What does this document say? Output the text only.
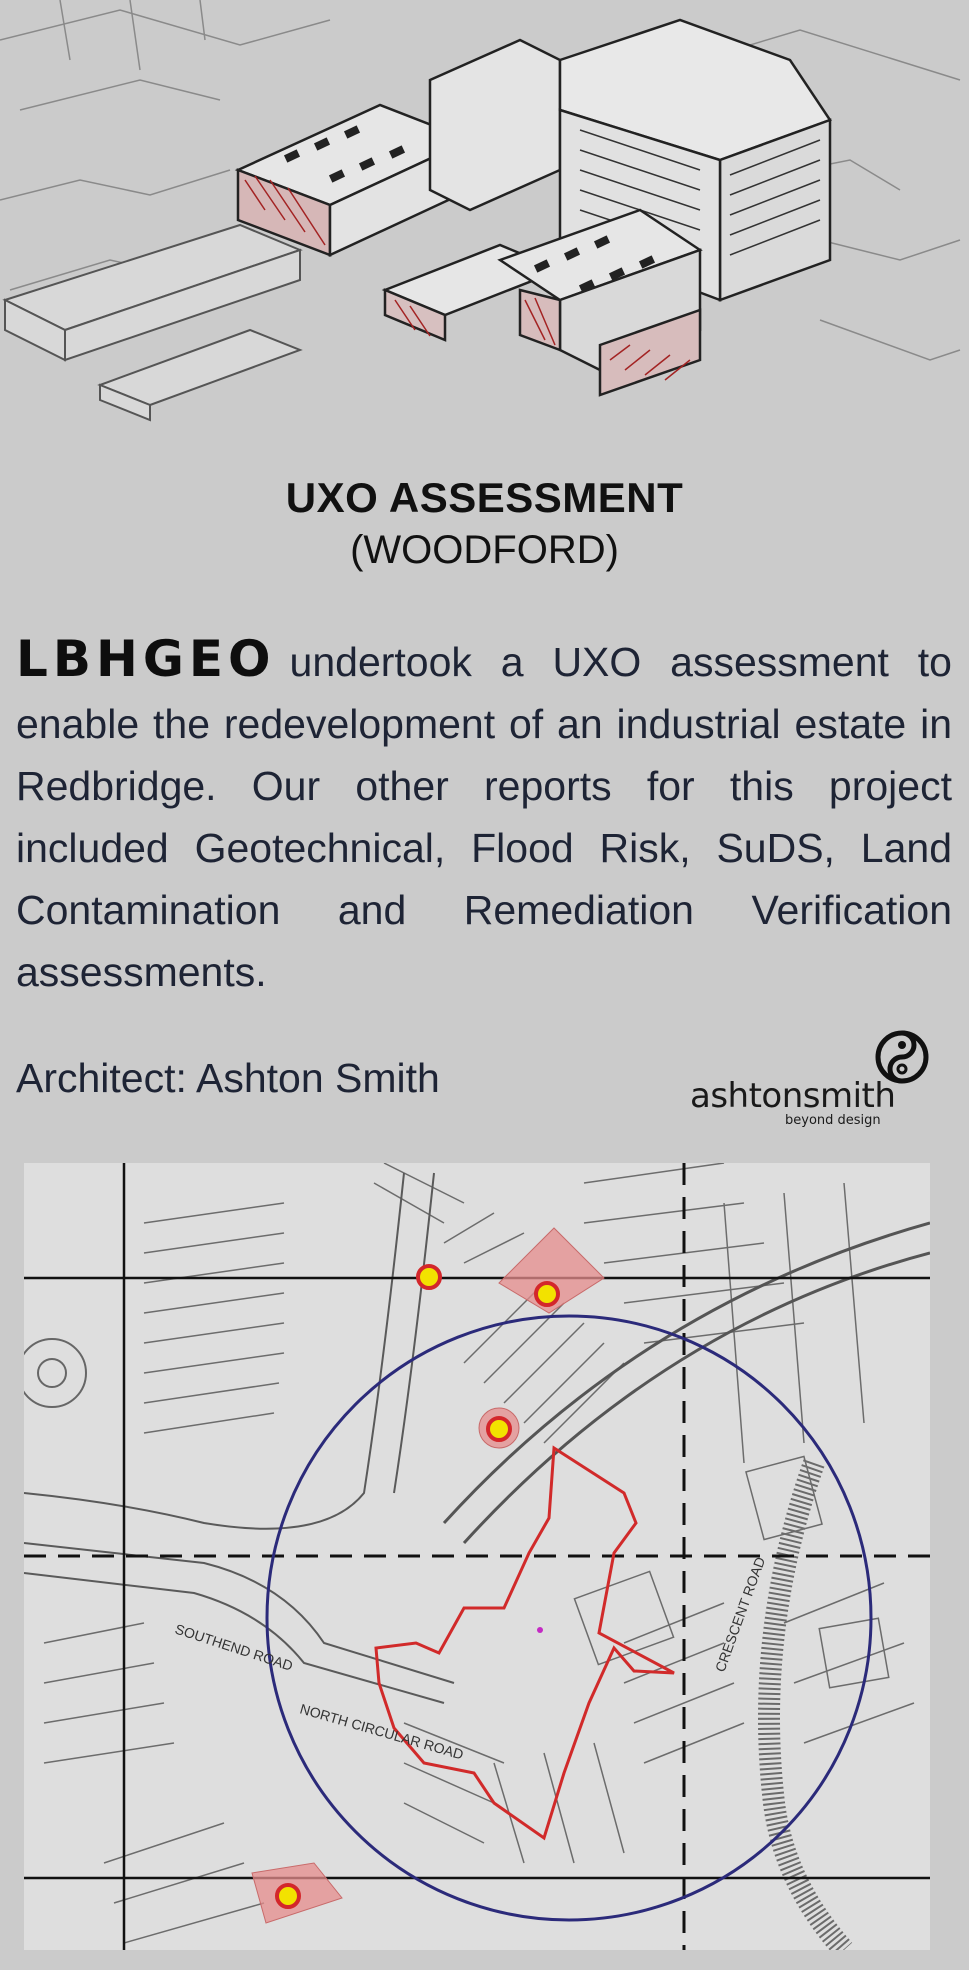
UXO ASSESSMENT
(WOODFORD)
LBHGEO undertook a UXO assessment to enable the redevelopment of an industrial estate in Redbridge. Our other reports for this project included Geotechnical, Flood Risk, SuDS, Land Contamination and Remediation Verification assessments.
Architect: Ashton Smith	ashtonsmith
beyond design
SOUTHEND ROAD	CRESCENT ROAD
NORTH CIRCULAR ROAD
